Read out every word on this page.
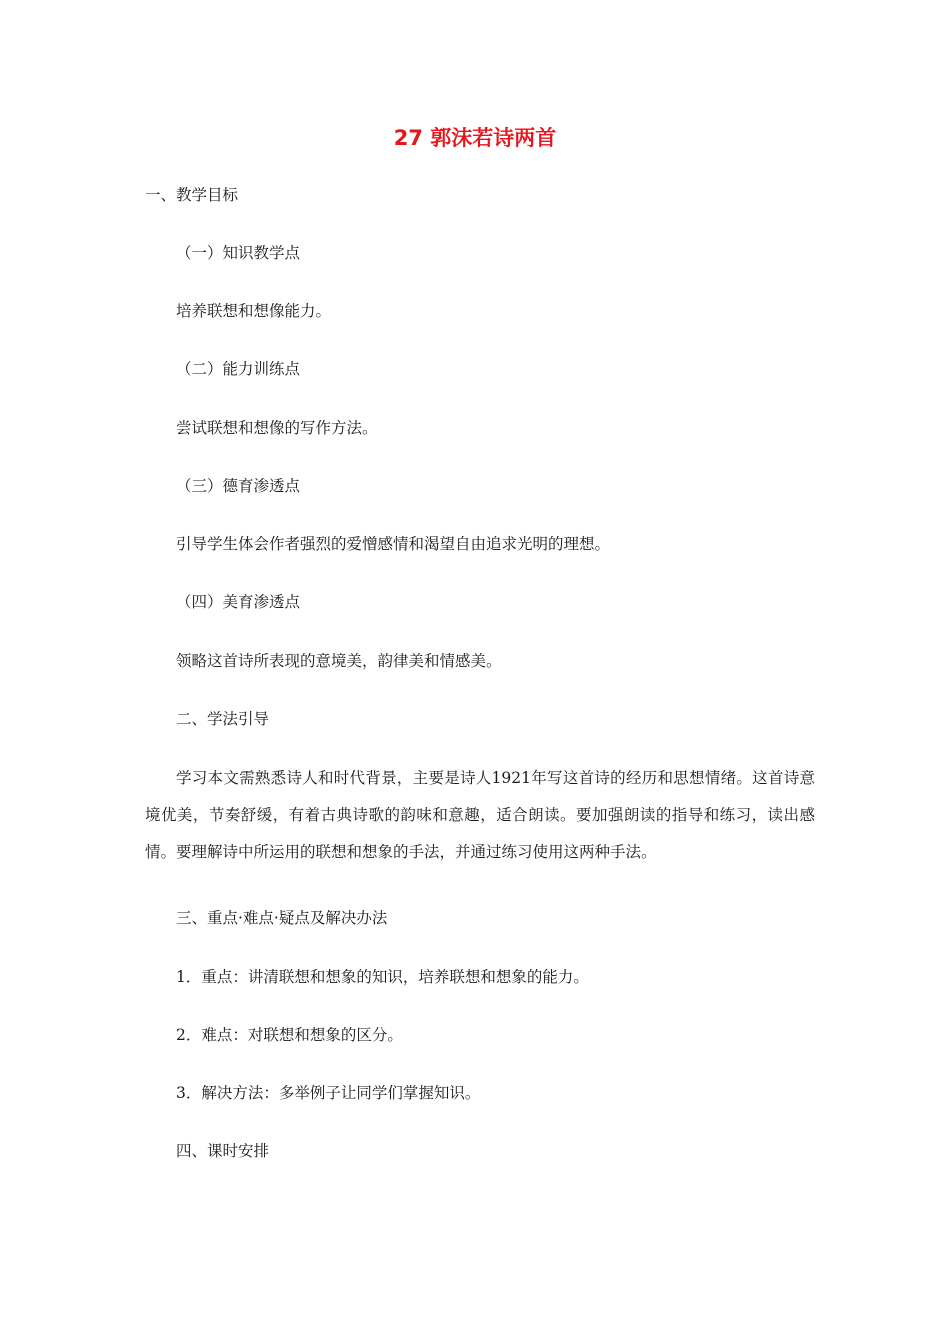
27 郭沫若诗两首
一、教学目标
（一）知识教学点
培养联想和想像能力。
（二）能力训练点
尝试联想和想像的写作方法。
（三）德育渗透点
引导学生体会作者强烈的爱憎感情和渴望自由追求光明的理想。
（四）美育渗透点
领略这首诗所表现的意境美，韵律美和情感美。
二、学法引导
学习本文需熟悉诗人和时代背景，主要是诗人1921年写这首诗的经历和思想情绪。这首诗意境优美，节奏舒缓，有着古典诗歌的韵味和意趣，适合朗读。要加强朗读的指导和练习，读出感情。要理解诗中所运用的联想和想象的手法，并通过练习使用这两种手法。
三、重点·难点·疑点及解决办法
1．重点：讲清联想和想象的知识，培养联想和想象的能力。
2．难点：对联想和想象的区分。
3．解决方法：多举例子让同学们掌握知识。
四、课时安排
